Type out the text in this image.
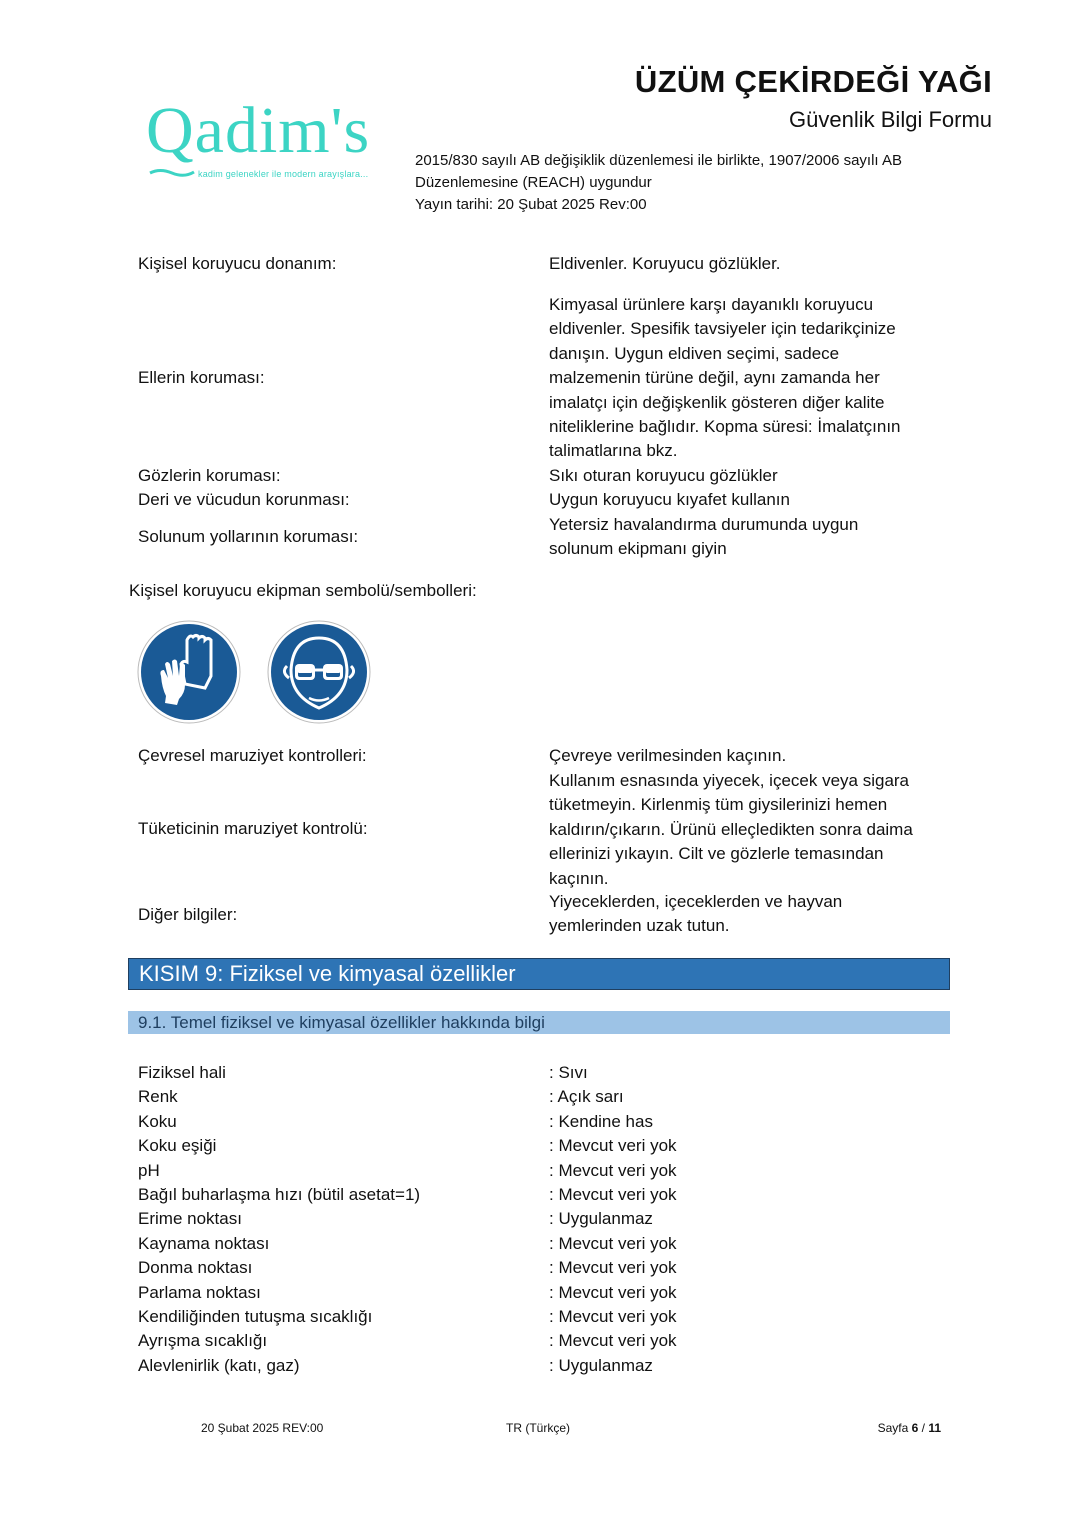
Qadim's
kadim gelenekler ile modern arayışlara...
ÜZÜM ÇEKİRDEĞİ YAĞI
Güvenlik Bilgi Formu
2015/830 sayılı AB değişiklik düzenlemesi ile birlikte, 1907/2006 sayılı AB
Düzenlemesine (REACH) uygundur
Yayın tarihi: 20 Şubat 2025 Rev:00
Kişisel koruyucu donanım:	Eldivenler. Koruyucu gözlükler.
Ellerin koruması:
Kimyasal ürünlere karşı dayanıklı koruyucu eldivenler. Spesifik tavsiyeler için tedarikçinize danışın. Uygun eldiven seçimi, sadece malzemenin türüne değil, aynı zamanda her imalatçı için değişkenlik gösteren diğer kalite niteliklerine bağlıdır. Kopma süresi: İmalatçının talimatlarına bkz.
Gözlerin koruması:	Sıkı oturan koruyucu gözlükler
Deri ve vücudun korunması:	Uygun koruyucu kıyafet kullanın
Solunum yollarının koruması:
Yetersiz havalandırma durumunda uygun solunum ekipmanı giyin
Kişisel koruyucu ekipman sembolü/sembolleri:

Çevresel maruziyet kontrolleri:	Çevreye verilmesinden kaçının.
Tüketicinin maruziyet kontrolü:
Kullanım esnasında yiyecek, içecek veya sigara tüketmeyin. Kirlenmiş tüm giysilerinizi hemen kaldırın/çıkarın. Ürünü elleçledikten sonra daima ellerinizi yıkayın. Cilt ve gözlerle temasından kaçının.
Diğer bilgiler:
Yiyeceklerden, içeceklerden ve hayvan yemlerinden uzak tutun.
KISIM 9: Fiziksel ve kimyasal özellikler
9.1. Temel fiziksel ve kimyasal özellikler hakkında bilgi
Fiziksel hali	: Sıvı
Renk	: Açık sarı
Koku	: Kendine has
Koku eşiği	: Mevcut veri yok
pH	: Mevcut veri yok
Bağıl buharlaşma hızı (bütil asetat=1)	: Mevcut veri yok
Erime noktası	: Uygulanmaz
Kaynama noktası	: Mevcut veri yok
Donma noktası	: Mevcut veri yok
Parlama noktası	: Mevcut veri yok
Kendiliğinden tutuşma sıcaklığı	: Mevcut veri yok
Ayrışma sıcaklığı	: Mevcut veri yok
Alevlenirlik (katı, gaz)	: Uygulanmaz
20 Şubat 2025 REV:00	TR (Türkçe)	Sayfa 6 / 11
